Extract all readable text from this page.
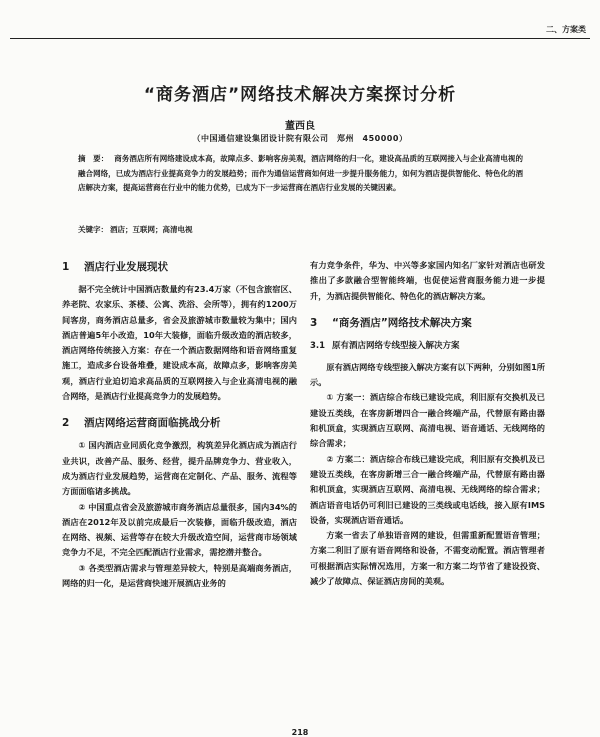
二、方案类
“商务酒店”网络技术解决方案探讨分析
董西良
（中国通信建设集团设计院有限公司　郑州　450000）
摘　要： 商务酒店所有网络建设成本高，故障点多、影响客房美观，酒店网络的归一化，建设高品质的互联网接入与企业高清电视的融合网络，已成为酒店行业提高竞争力的发展趋势；而作为通信运营商如何进一步提升服务能力，如何为酒店提供智能化、特色化的酒店解决方案，提高运营商在行业中的能力优势，已成为下一步运营商在酒店行业发展的关键因素。
关键字： 酒店；互联网；高清电视
1 酒店行业发展现状

据不完全统计中国酒店数量约有23.4万家（不包含旅宿区、养老院、农家乐、茶楼、公寓、洗浴、会所等），拥有约1200万间客房，商务酒店总量多，省会及旅游城市数量较为集中；国内酒店普遍5年小改造，10年大装修，面临升级改造的酒店较多，酒店网络传统接入方案：存在一个酒店数据网络和语音网络重复施工，造成多台设备堆叠，建设成本高，故障点多，影响客房美观，酒店行业迫切追求高品质的互联网接入与企业高清电视的融合网络，是酒店行业提高竞争力的发展趋势。

2 酒店网络运营商面临挑战分析

① 国内酒店业同质化竞争激烈，构筑差异化酒店成为酒店行业共识，改善产品、服务、经营，提升品牌竞争力、营业收入，成为酒店行业发展趋势，运营商在定制化、产品、服务、流程等方面面临诸多挑战。

② 中国重点省会及旅游城市商务酒店总量很多，国内34%的酒店在2012年及以前完成最后一次装修，面临升级改造，酒店在网络、视频、运营等存在较大升级改造空间，运营商市场领域竞争力不足，不完全匹配酒店行业需求，需挖潜并整合。

③ 各类型酒店需求与管理差异较大，特别是高端商务酒店，网络的归一化，是运营商快速开展酒店业务的

有力竞争条件，华为、中兴等多家国内知名厂家针对酒店也研发推出了多款融合型智能终端，也促使运营商服务能力进一步提升，为酒店提供智能化、特色化的酒店解决方案。

3 “商务酒店”网络技术解决方案
3.1 原有酒店网络专线型接入解决方案

原有酒店网络专线型接入解决方案有以下两种，分别如图1所示。

① 方案一：酒店综合布线已建设完成，利旧原有交换机及已建设五类线，在客房新增四合一融合终端产品，代替原有路由器和机顶盒，实现酒店互联网、高清电视、语音通话、无线网络的综合需求；

② 方案二：酒店综合布线已建设完成，利旧原有交换机及已建设五类线，在客房新增三合一融合终端产品，代替原有路由器和机顶盒，实现酒店互联网、高清电视、无线网络的综合需求；酒店语音电话仍可利旧已建设的三类线或电话线，接入原有IMS设备，实现酒店语音通话。

方案一省去了单独语音网的建设，但需重新配置语音管理；方案二利旧了原有语音网络和设备，不需变动配置。酒店管理者可根据酒店实际情况选用，方案一和方案二均节省了建设投资、减少了故障点、保证酒店房间的美观。

218
